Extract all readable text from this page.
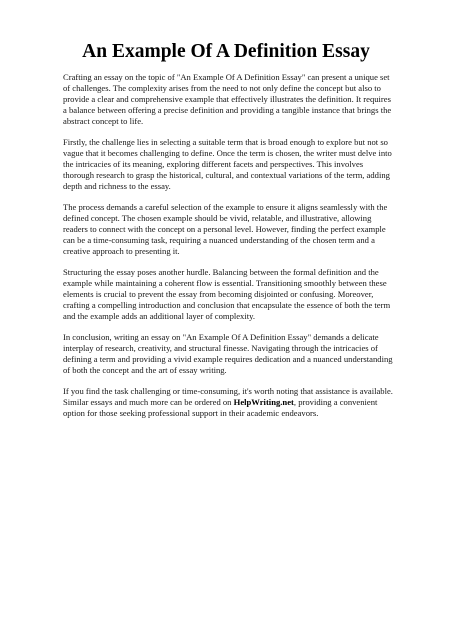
An Example Of A Definition Essay

Crafting an essay on the topic of "An Example Of A Definition Essay" can present a unique set of challenges. The complexity arises from the need to not only define the concept but also to provide a clear and comprehensive example that effectively illustrates the definition. It requires a balance between offering a precise definition and providing a tangible instance that brings the abstract concept to life.

Firstly, the challenge lies in selecting a suitable term that is broad enough to explore but not so vague that it becomes challenging to define. Once the term is chosen, the writer must delve into the intricacies of its meaning, exploring different facets and perspectives. This involves thorough research to grasp the historical, cultural, and contextual variations of the term, adding depth and richness to the essay.

The process demands a careful selection of the example to ensure it aligns seamlessly with the defined concept. The chosen example should be vivid, relatable, and illustrative, allowing readers to connect with the concept on a personal level. However, finding the perfect example can be a time-consuming task, requiring a nuanced understanding of the chosen term and a creative approach to presenting it.

Structuring the essay poses another hurdle. Balancing between the formal definition and the example while maintaining a coherent flow is essential. Transitioning smoothly between these elements is crucial to prevent the essay from becoming disjointed or confusing. Moreover, crafting a compelling introduction and conclusion that encapsulate the essence of both the term and the example adds an additional layer of complexity.

In conclusion, writing an essay on "An Example Of A Definition Essay" demands a delicate interplay of research, creativity, and structural finesse. Navigating through the intricacies of defining a term and providing a vivid example requires dedication and a nuanced understanding of both the concept and the art of essay writing.

If you find the task challenging or time-consuming, it's worth noting that assistance is available. Similar essays and much more can be ordered on HelpWriting.net, providing a convenient option for those seeking professional support in their academic endeavors.
